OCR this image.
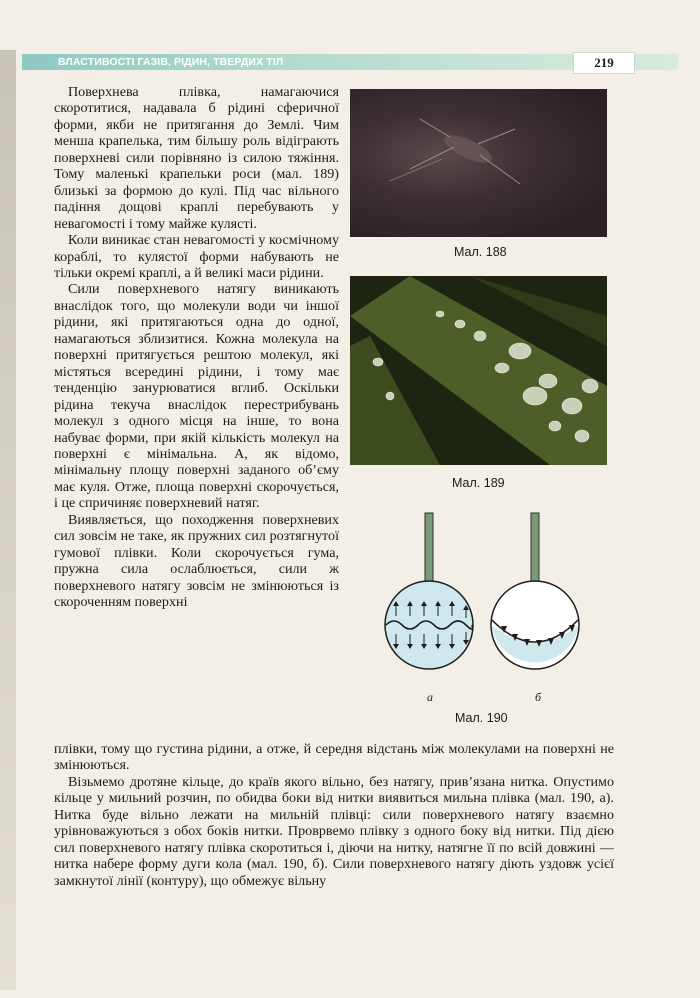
ВЛАСТИВОСТІ ГАЗІВ, РІДИН, ТВЕРДИХ ТІЛ	219

Поверхнева плівка, намагаючися скоротитися, надавала б рідині сферичної форми, якби не притягання до Землі. Чим менша крапелька, тим більшу роль відіграють поверхневі сили порівняно із силою тяжіння. Тому маленькі крапельки роси (мал. 189) близькі за формою до кулі. Під час вільного падіння дощові краплі перебувають у невагомості і тому майже кулясті.

Коли виникає стан невагомості у космічному кораблі, то кулястої форми набувають не тільки окремі краплі, а й великі маси рідини.

Сили поверхневого натягу виникають внаслідок того, що молекули води чи іншої рідини, які притягаються одна до одної, намагаються зблизитися. Кожна молекула на поверхні притягується рештою молекул, які містяться всередині рідини, і тому має тенденцію занурюватися вглиб. Оскільки рідина текуча внаслідок перестрибувань молекул з одного місця на інше, то вона набуває форми, при якій кількість молекул на поверхні є мінімальна. А, як відомо, мінімальну площу поверхні заданого об’єму має куля. Отже, площа поверхні скорочується, і це спричиняє поверхневий натяг.

Виявляється, що походження поверхневих сил зовсім не таке, як пружних сил розтягнутої гумової плівки. Коли скорочується гума, пружна сила ослаблюється, сили ж поверхневого натягу зовсім не змінюються із скороченням поверхні

плівки, тому що густина рідини, а отже, й середня відстань між молекулами на поверхні не змінюються.

Візьмемо дротяне кільце, до країв якого вільно, без натягу, прив’язана нитка. Опустимо кільце у мильний розчин, по обидва боки від нитки виявиться мильна плівка (мал. 190, а). Нитка буде вільно лежати на мильній плівці: сили поверхневого натягу взаємно урівноважуються з обох боків нитки. Проврвемо плівку з одного боку від нитки. Під дією сил поверхневого натягу плівка скоротиться і, діючи на нитку, натягне її по всій довжині — нитка набере форму дуги кола (мал. 190, б). Сили поверхневого натягу діють уздовж усієї замкнутої лінії (контуру), що обмежує вільну

Мал. 188
Мал. 189
а	б
Мал. 190
